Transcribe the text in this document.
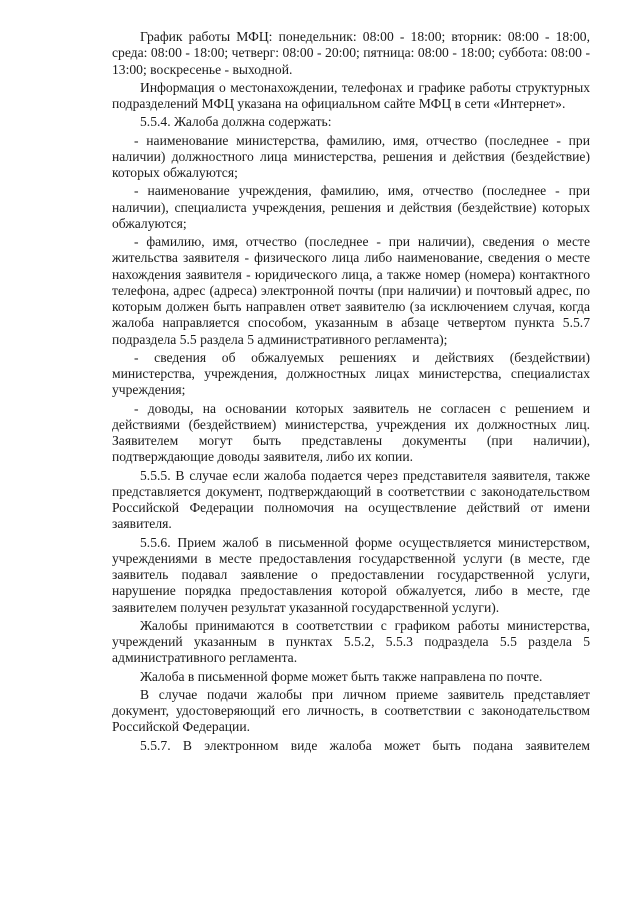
График работы МФЦ: понедельник: 08:00 - 18:00; вторник: 08:00 - 18:00, среда: 08:00 - 18:00; четверг: 08:00 - 20:00; пятница: 08:00 - 18:00; суббота: 08:00 - 13:00; воскресенье - выходной.

Информация о местонахождении, телефонах и графике работы структурных подразделений МФЦ указана на официальном сайте МФЦ в сети «Интернет».

5.5.4. Жалоба должна содержать:

- наименование министерства, фамилию, имя, отчество (последнее - при наличии) должностного лица министерства, решения и действия (бездействие) которых обжалуются;

- наименование учреждения, фамилию, имя, отчество (последнее - при наличии), специалиста учреждения, решения и действия (бездействие) которых обжалуются;

- фамилию, имя, отчество (последнее - при наличии), сведения о месте жительства заявителя - физического лица либо наименование, сведения о месте нахождения заявителя - юридического лица, а также номер (номера) контактного телефона, адрес (адреса) электронной почты (при наличии) и почтовый адрес, по которым должен быть направлен ответ заявителю (за исключением случая, когда жалоба направляется способом, указанным в абзаце четвертом пункта 5.5.7 подраздела 5.5 раздела 5 административного регламента);

- сведения об обжалуемых решениях и действиях (бездействии) министерства, учреждения, должностных лицах министерства, специалистах учреждения;

- доводы, на основании которых заявитель не согласен с решением и действиями (бездействием) министерства, учреждения их должностных лиц. Заявителем могут быть представлены документы (при наличии), подтверждающие доводы заявителя, либо их копии.

5.5.5. В случае если жалоба подается через представителя заявителя, также представляется документ, подтверждающий в соответствии с законодательством Российской Федерации полномочия на осуществление действий от имени заявителя.

5.5.6. Прием жалоб в письменной форме осуществляется министерством, учреждениями в месте предоставления государственной услуги (в месте, где заявитель подавал заявление о предоставлении государственной услуги, нарушение порядка предоставления которой обжалуется, либо в месте, где заявителем получен результат указанной государственной услуги).

Жалобы принимаются в соответствии с графиком работы министерства, учреждений указанным в пунктах 5.5.2, 5.5.3 подраздела 5.5 раздела 5 административного регламента.

Жалоба в письменной форме может быть также направлена по почте.

В случае подачи жалобы при личном приеме заявитель представляет документ, удостоверяющий его личность, в соответствии с законодательством Российской Федерации.

5.5.7. В электронном виде жалоба может быть подана заявителем
